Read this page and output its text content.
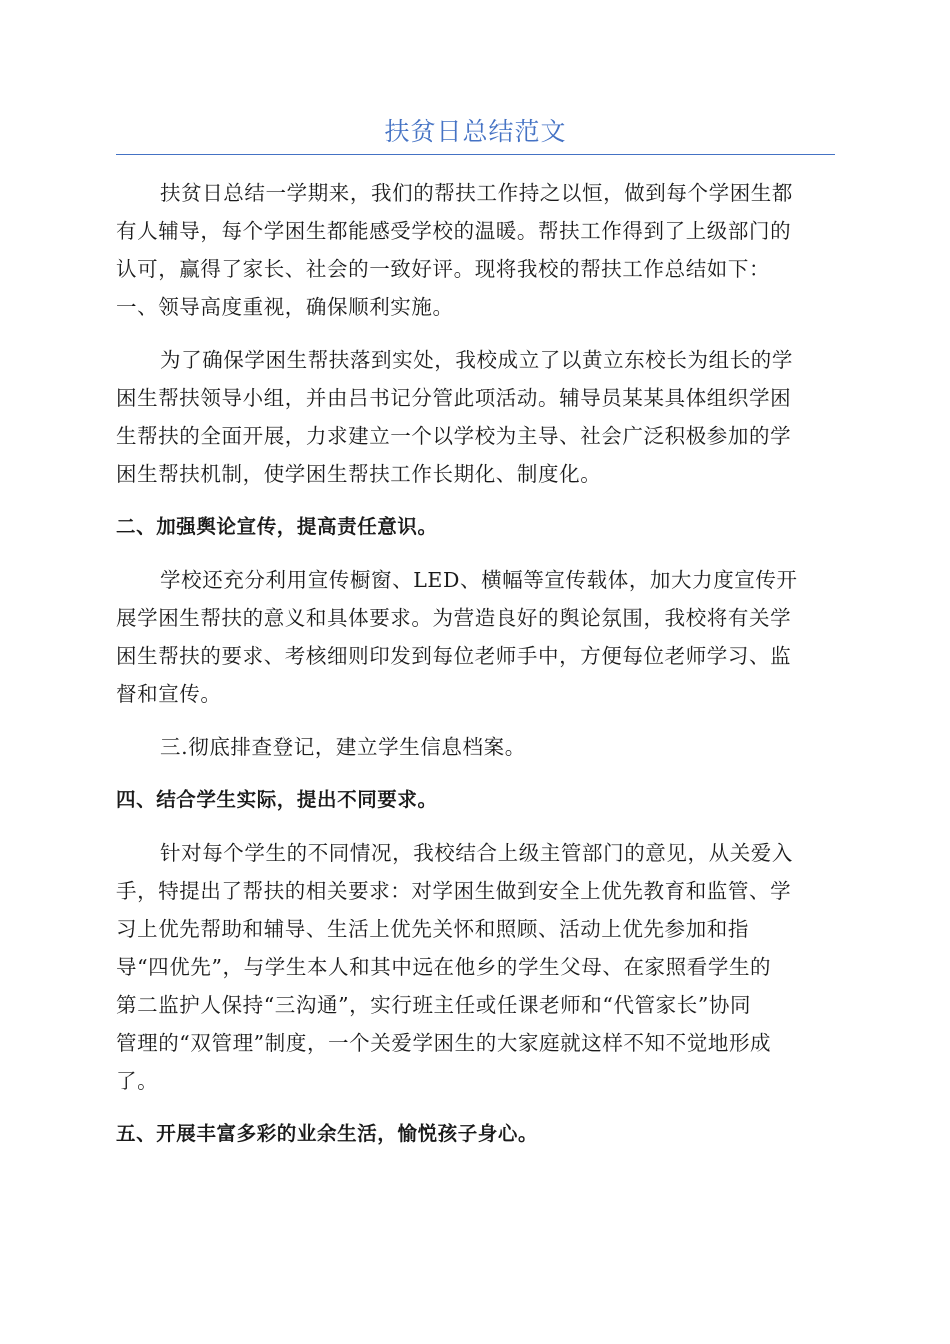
扶贫日总结范文
扶贫日总结一学期来，我们的帮扶工作持之以恒，做到每个学困生都
有人辅导，每个学困生都能感受学校的温暖。帮扶工作得到了上级部门的
认可，赢得了家长、社会的一致好评。现将我校的帮扶工作总结如下：
一、领导高度重视，确保顺利实施。
为了确保学困生帮扶落到实处，我校成立了以黄立东校长为组长的学
困生帮扶领导小组，并由吕书记分管此项活动。辅导员某某具体组织学困
生帮扶的全面开展，力求建立一个以学校为主导、社会广泛积极参加的学
困生帮扶机制，使学困生帮扶工作长期化、制度化。
二、加强舆论宣传，提高责任意识。
学校还充分利用宣传橱窗、LED、横幅等宣传载体，加大力度宣传开
展学困生帮扶的意义和具体要求。为营造良好的舆论氛围，我校将有关学
困生帮扶的要求、考核细则印发到每位老师手中，方便每位老师学习、监
督和宣传。
三.彻底排查登记，建立学生信息档案。
四、结合学生实际，提出不同要求。
针对每个学生的不同情况，我校结合上级主管部门的意见，从关爱入
手，特提出了帮扶的相关要求：对学困生做到安全上优先教育和监管、学
习上优先帮助和辅导、生活上优先关怀和照顾、活动上优先参加和指
导“四优先”，与学生本人和其中远在他乡的学生父母、在家照看学生的
第二监护人保持“三沟通”，实行班主任或任课老师和“代管家长”协同
管理的“双管理”制度，一个关爱学困生的大家庭就这样不知不觉地形成
了。
五、开展丰富多彩的业余生活，愉悦孩子身心。
